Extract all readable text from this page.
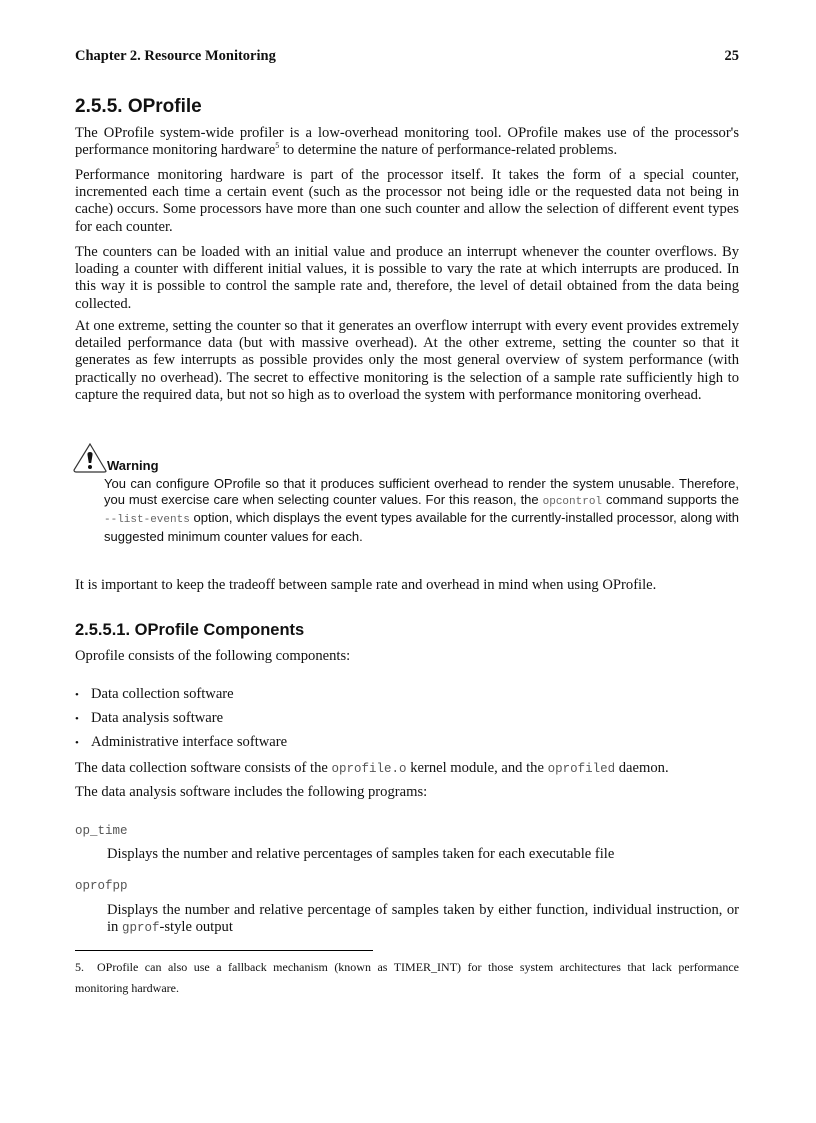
Chapter 2. Resource Monitoring	25
2.5.5. OProfile

The OProfile system-wide profiler is a low-overhead monitoring tool. OProfile makes use of the processor's performance monitoring hardware$^5$ to determine the nature of performance-related problems.

Performance monitoring hardware is part of the processor itself. It takes the form of a special counter, incremented each time a certain event (such as the processor not being idle or the requested data not being in cache) occurs. Some processors have more than one such counter and allow the selection of different event types for each counter.

The counters can be loaded with an initial value and produce an interrupt whenever the counter overflows. By loading a counter with different initial values, it is possible to vary the rate at which interrupts are produced. In this way it is possible to control the sample rate and, therefore, the level of detail obtained from the data being collected.

At one extreme, setting the counter so that it generates an overflow interrupt with every event provides extremely detailed performance data (but with massive overhead). At the other extreme, setting the counter so that it generates as few interrupts as possible provides only the most general overview of system performance (with practically no overhead). The secret to effective monitoring is the selection of a sample rate sufficiently high to capture the required data, but not so high as to overload the system with performance monitoring overhead.

It is important to keep the tradeoff between sample rate and overhead in mind when using OProfile.

2.5.5.1. OProfile Components

Oprofile consists of the following components:

• Data collection software
• Data analysis software
• Administrative interface software

The data collection software consists of the oprofile.o kernel module, and the oprofiled daemon.

The data analysis software includes the following programs:

op_time

Displays the number and relative percentages of samples taken for each executable file

oprofpp

Displays the number and relative percentage of samples taken by either function, individual instruction, or in gprof-style output

Warning

You can configure OProfile so that it produces sufficient overhead to render the system unusable. Therefore, you must exercise care when selecting counter values. For this reason, the opcontrol command supports the --list-events option, which displays the event types available for the currently-installed processor, along with suggested minimum counter values for each.

5. OProfile can also use a fallback mechanism (known as TIMER_INT) for those system architectures that lack performance monitoring hardware.
